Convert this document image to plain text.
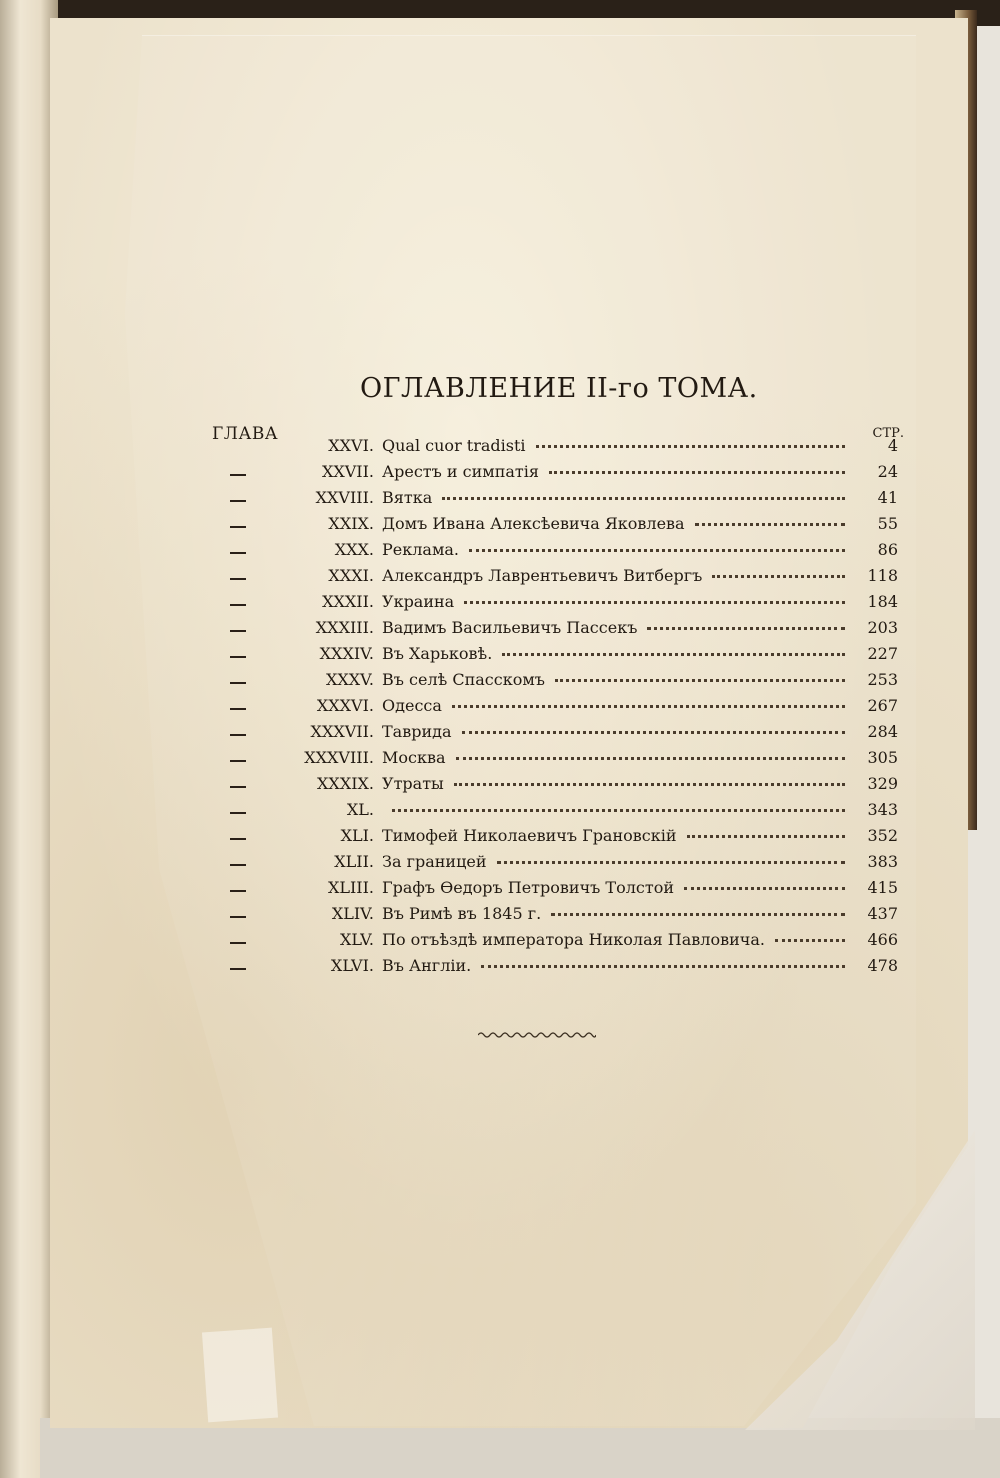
ОГЛАВЛЕНИЕ II-го ТОМА.
ГЛАВА	СТР.
XXVI. Qual cuor tradisti	4
XXVII. Арестъ и симпатія	24
XXVIII. Вятка	41
XXIX. Домъ Ивана Алексѣевича Яковлева	55
XXX. Реклама.	86
XXXI. Александръ Лаврентьевичъ Витбергъ	118
XXXII. Украина	184
XXXIII. Вадимъ Васильевичъ Пассекъ	203
XXXIV. Въ Харьковѣ.	227
XXXV. Въ селѣ Спасскомъ	253
XXXVI. Одесса	267
XXXVII. Таврида	284
XXXVIII. Москва	305
XXXIX. Утраты	329
XL.	343
XLI. Тимофей Николаевичъ Грановскій	352
XLII. За границей	383
XLIII. Графъ Ѳедоръ Петровичъ Толстой	415
XLIV. Въ Римѣ въ 1845 г.	437
XLV. По отъѣздѣ императора Николая Павловича.	466
XLVI. Въ Англіи.	478
